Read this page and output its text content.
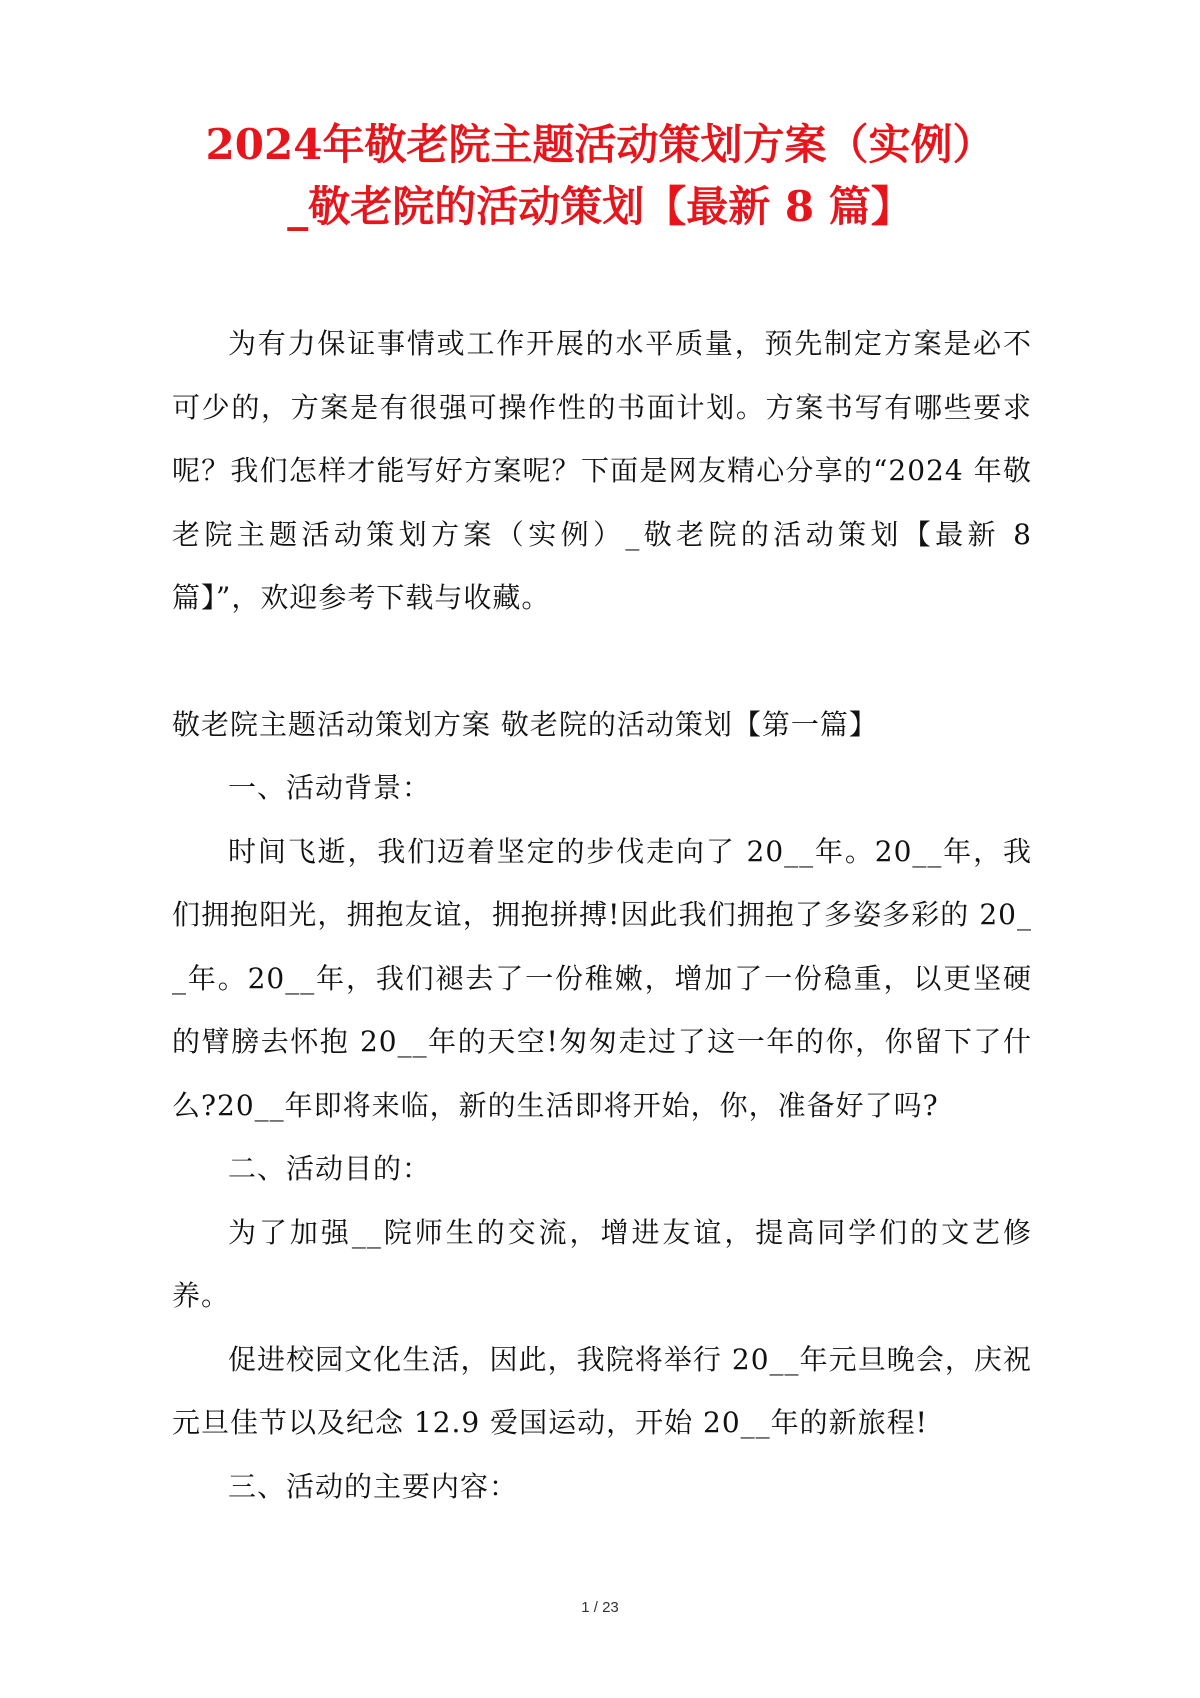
2024年敬老院主题活动策划方案（实例）
_敬老院的活动策划【最新 8 篇】

为有力保证事情或工作开展的水平质量，预先制定方案是必不可少的，方案是有很强可操作性的书面计划。方案书写有哪些要求呢？我们怎样才能写好方案呢？下面是网友精心分享的“2024 年敬老院主题活动策划方案（实例）_敬老院的活动策划【最新 8 篇】”，欢迎参考下载与收藏。

敬老院主题活动策划方案 敬老院的活动策划【第一篇】

一、活动背景：

时间飞逝，我们迈着坚定的步伐走向了 20__年。20__年，我们拥抱阳光，拥抱友谊，拥抱拼搏!因此我们拥抱了多姿多彩的 20__年。20__年，我们褪去了一份稚嫩，增加了一份稳重，以更坚硬的臂膀去怀抱 20__年的天空!匆匆走过了这一年的你，你留下了什么?20__年即将来临，新的生活即将开始，你，准备好了吗?

二、活动目的：

为了加强__院师生的交流，增进友谊，提高同学们的文艺修养。

促进校园文化生活，因此，我院将举行 20__年元旦晚会，庆祝元旦佳节以及纪念 12.9 爱国运动，开始 20__年的新旅程!

三、活动的主要内容：

1 / 23
